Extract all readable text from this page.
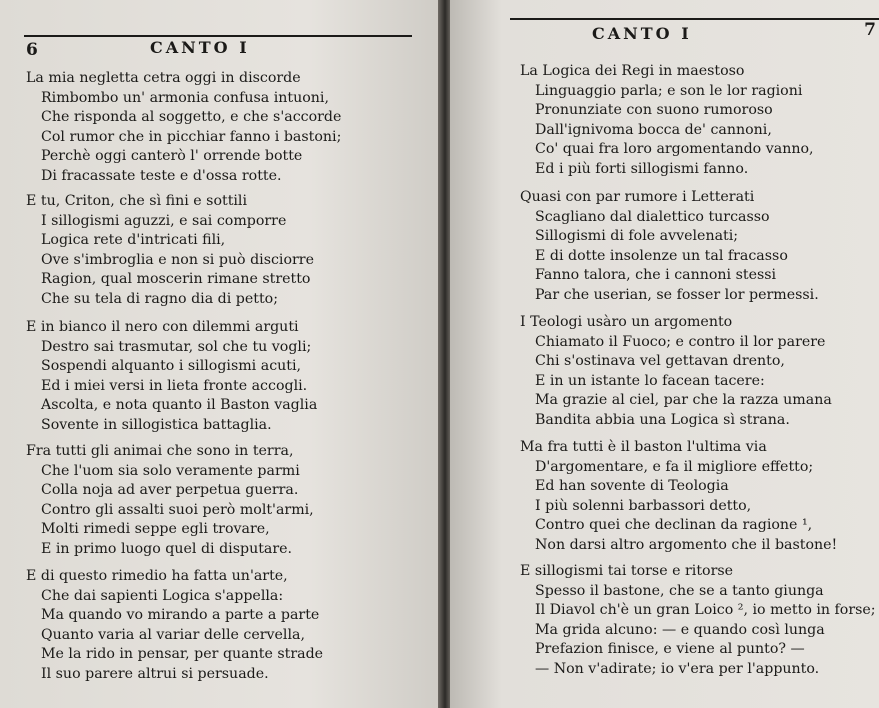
6	CANTO I
La mia negletta cetra oggi in discorde
Rimbombo un' armonia confusa intuoni,
Che risponda al soggetto, e che s'accorde
Col rumor che in picchiar fanno i bastoni;
Perchè oggi canterò l' orrende botte
Di fracassate teste e d'ossa rotte.
E tu, Criton, che sì fini e sottili
I sillogismi aguzzi, e sai comporre
Logica rete d'intricati fili,
Ove s'imbroglia e non si può disciorre
Ragion, qual moscerin rimane stretto
Che su tela di ragno dia di petto;
E in bianco il nero con dilemmi arguti
Destro sai trasmutar, sol che tu vogli;
Sospendi alquanto i sillogismi acuti,
Ed i miei versi in lieta fronte accogli.
Ascolta, e nota quanto il Baston vaglia
Sovente in sillogistica battaglia.
Fra tutti gli animai che sono in terra,
Che l'uom sia solo veramente parmi
Colla noja ad aver perpetua guerra.
Contro gli assalti suoi però molt'armi,
Molti rimedi seppe egli trovare,
E in primo luogo quel di disputare.
E di questo rimedio ha fatta un'arte,
Che dai sapienti Logica s'appella:
Ma quando vo mirando a parte a parte
Quanto varia al variar delle cervella,
Me la rido in pensar, per quante strade
Il suo parere altrui si persuade.
CANTO I	7
La Logica dei Regi in maestoso
Linguaggio parla; e son le lor ragioni
Pronunziate con suono rumoroso
Dall'ignivoma bocca de' cannoni,
Co' quai fra loro argomentando vanno,
Ed i più forti sillogismi fanno.
Quasi con par rumore i Letterati
Scagliano dal dialettico turcasso
Sillogismi di fole avvelenati;
E di dotte insolenze un tal fracasso
Fanno talora, che i cannoni stessi
Par che userian, se fosser lor permessi.
I Teologi usàro un argomento
Chiamato il Fuoco; e contro il lor parere
Chi s'ostinava vel gettavan drento,
E in un istante lo facean tacere:
Ma grazie al ciel, par che la razza umana
Bandita abbia una Logica sì strana.
Ma fra tutti è il baston l'ultima via
D'argomentare, e fa il migliore effetto;
Ed han sovente di Teologia
I più solenni barbassori detto,
Contro quei che declinan da ragione ¹,
Non darsi altro argomento che il bastone!
E sillogismi tai torse e ritorse
Spesso il bastone, che se a tanto giunga
Il Diavol ch'è un gran Loico ², io metto in forse;
Ma grida alcuno: — e quando così lunga
Prefazion finisce, e viene al punto? —
— Non v'adirate; io v'era per l'appunto.
